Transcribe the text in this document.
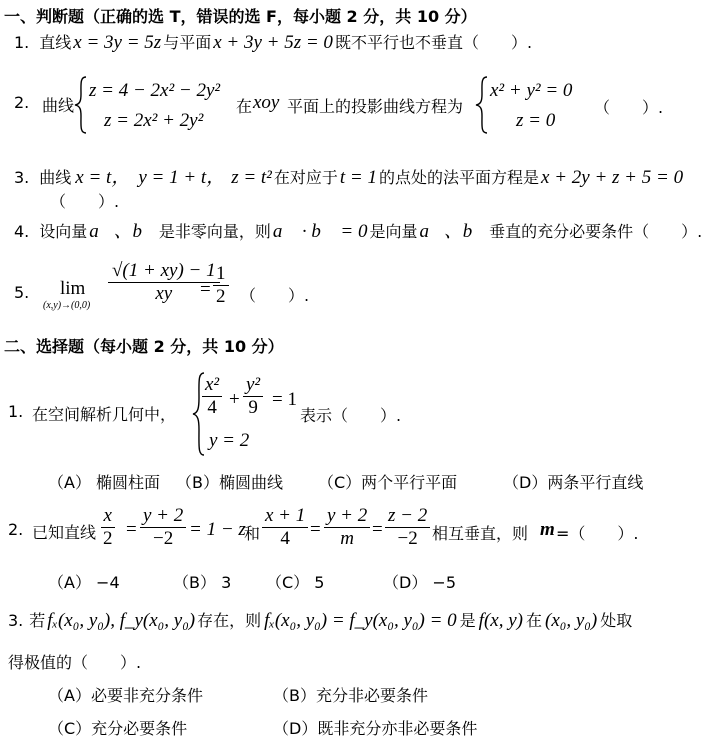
一、判断题（正确的选 T，错误的选 F，每小题 2 分，共 10 分）
1. 直线 x = 3y = 5z 与平面 x + 3y + 5z = 0 既不平行也不垂直（　　）.
2. 曲线
z = 4 − 2x² − 2y²
z = 2x² + 2y²
在 xoy 平面上的投影曲线方程为
x² + y² = 0
z = 0
（　　）.
3. 曲线 x = t， y = 1 + t， z = t² 在对应于 t = 1 的点处的法平面方程是 x + 2y + z + 5 = 0
（　　）.
4. 设向量 a⃗、b⃗ 是非零向量，则 a⃗ · b⃗ = 0 是向量 a⃗、b⃗ 垂直的充分必要条件（　　）.
5. lim
(x,y)→(0,0)
$\frac{√(1 + xy) - 1}{xy}$
= $\frac{1}{2}$ （　　）.
二、选择题（每小题 2 分，共 10 分）
1. 在空间解析几何中， $\frac{\text{x²}}{4} + \frac{\text{y²}}{9} = 1$
表示（　　）.
y = 2
（A） 椭圆柱面 （B）椭圆曲线 （C）两个平行平面	（D）两条平行直线
2. 已知直线 $\frac{x}{2} = \frac{y + 2}{-2} = 1 - z$
和 $\frac{x + 1}{4} = \frac{y + 2}{m} = \frac{z - 2}{-2}$ 相互垂直，则 m =（　　）.
（A） −4	（B） 3 （C） 5	（D） −5
3. 若 fₓ(x₀, y₀), f_y(x₀, y₀) 存在，则 fₓ(x₀, y₀) = f_y(x₀, y₀) = 0 是 f(x, y) 在 (x₀, y₀) 处取
得极值的（　　）.
（A）必要非充分条件	（B）充分非必要条件
（C）充分必要条件	（D）既非充分亦非必要条件
